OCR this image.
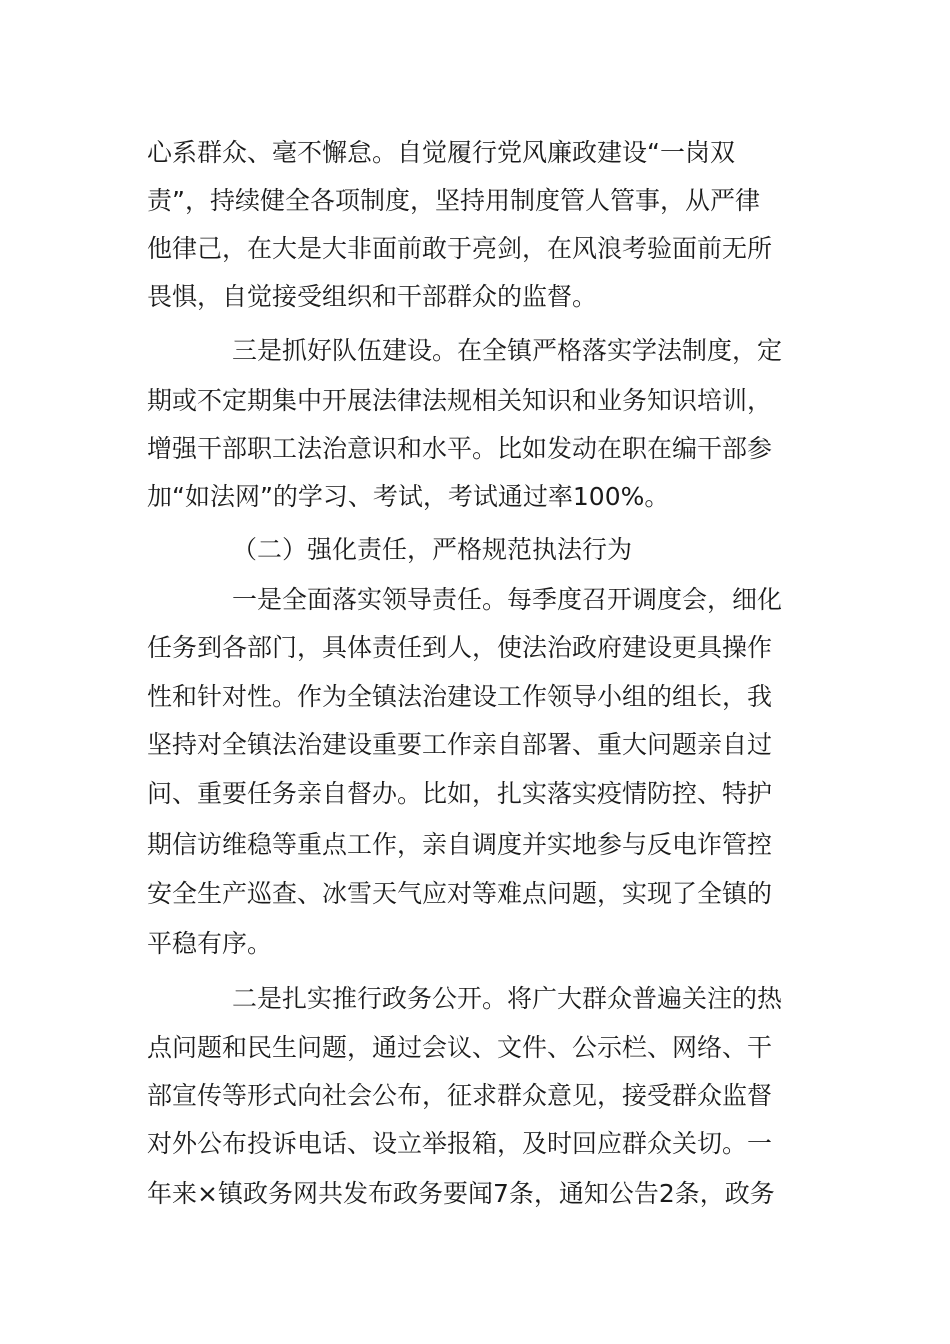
心系群众、毫不懈怠。自觉履行党风廉政建设“一岗双
责”，持续健全各项制度，坚持用制度管人管事，从严律
他律己，在大是大非面前敢于亮剑，在风浪考验面前无所
畏惧，自觉接受组织和干部群众的监督。
三是抓好队伍建设。在全镇严格落实学法制度，定
期或不定期集中开展法律法规相关知识和业务知识培训，
增强干部职工法治意识和水平。比如发动在职在编干部参
加“如法网”的学习、考试，考试通过率100%。
（二）强化责任，严格规范执法行为
一是全面落实领导责任。每季度召开调度会，细化
任务到各部门，具体责任到人，使法治政府建设更具操作
性和针对性。作为全镇法治建设工作领导小组的组长，我
坚持对全镇法治建设重要工作亲自部署、重大问题亲自过
问、重要任务亲自督办。比如，扎实落实疫情防控、特护
期信访维稳等重点工作，亲自调度并实地参与反电诈管控
安全生产巡查、冰雪天气应对等难点问题，实现了全镇的
平稳有序。
二是扎实推行政务公开。将广大群众普遍关注的热
点问题和民生问题，通过会议、文件、公示栏、网络、干
部宣传等形式向社会公布，征求群众意见，接受群众监督
对外公布投诉电话、设立举报箱，及时回应群众关切。一
年来×镇政务网共发布政务要闻7条，通知公告2条，政务
